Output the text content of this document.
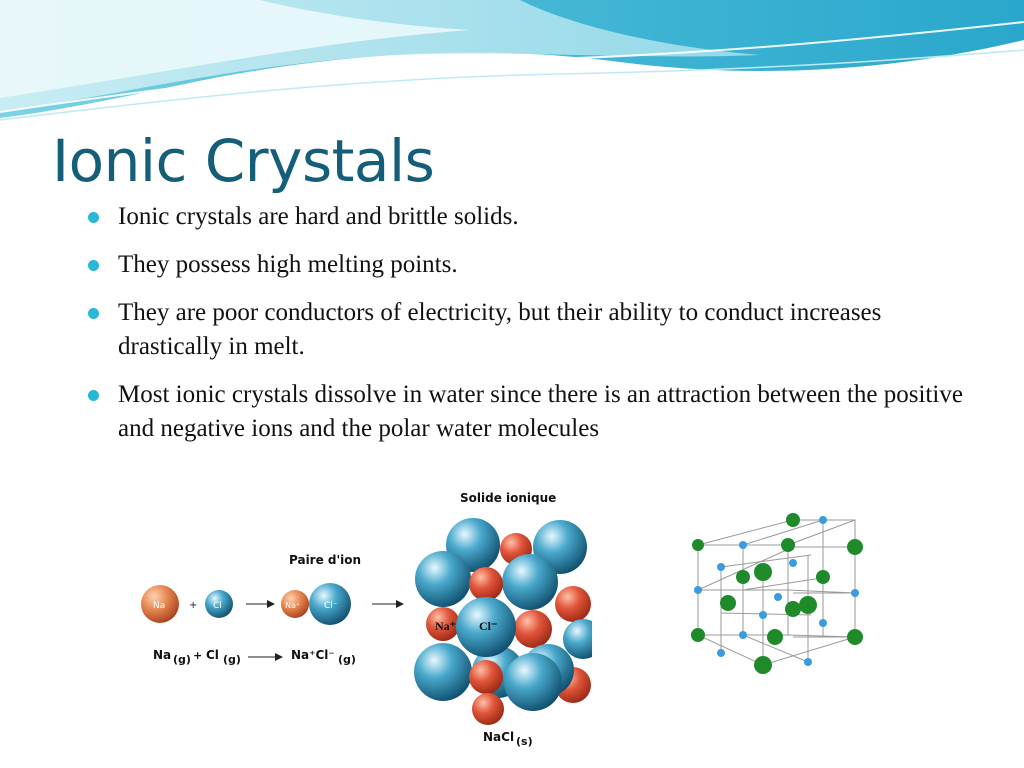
Ionic Crystals
Ionic crystals are hard and brittle solids.
They possess high melting points.
They are poor conductors of electricity, but their ability to conduct increases drastically in melt.
Most ionic crystals dissolve in water since there is an attraction between the positive and negative ions and the polar water molecules
Solide ionique
Paire d'ion
Na + Cl	Na⁺	Cl⁻
Na (g) + Cl (g)	Na⁺Cl⁻ (g)
Na⁺ Cl⁻
NaCl (s)
